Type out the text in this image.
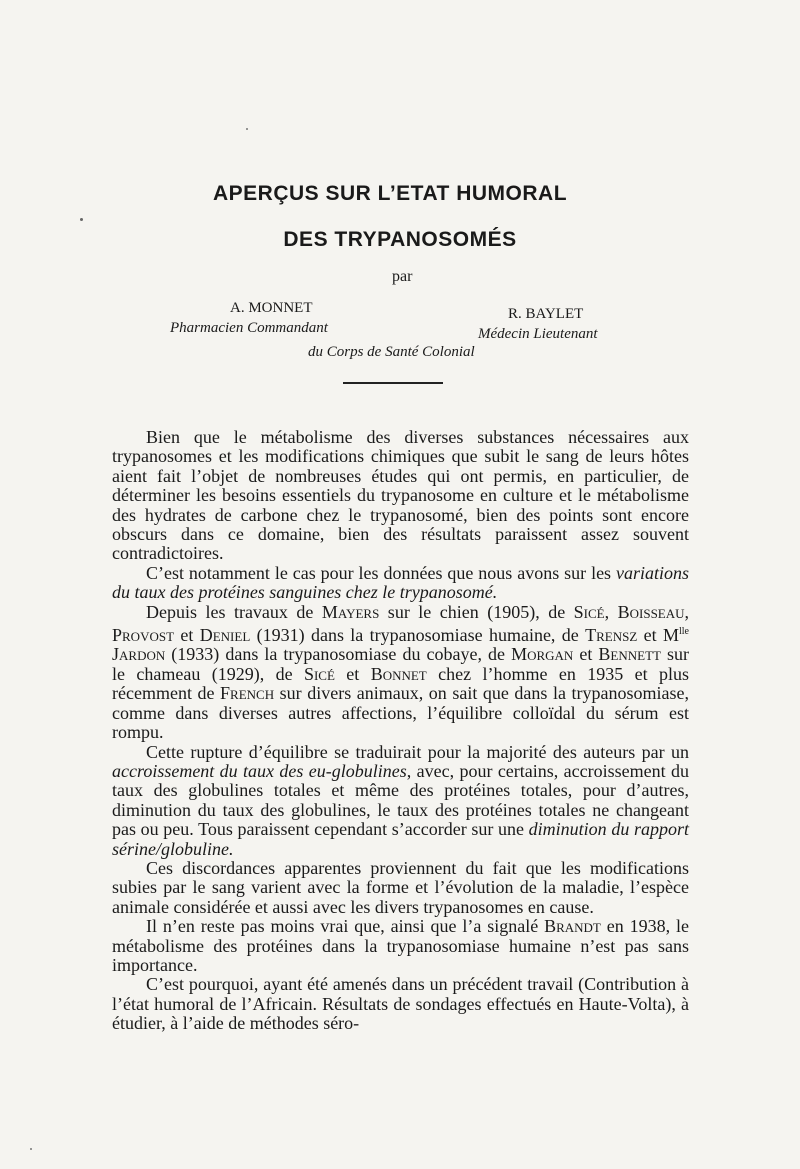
APERÇUS SUR L’ETAT HUMORAL
DES TRYPANOSOMÉS
par
A. MONNET
Pharmacien Commandant
R. BAYLET
Médecin Lieutenant
du Corps de Santé Colonial

Bien que le métabolisme des diverses substances nécessaires aux trypanosomes et les modifications chimiques que subit le sang de leurs hôtes aient fait l’objet de nombreuses études qui ont permis, en particulier, de déterminer les besoins essentiels du trypanosome en culture et le métabolisme des hydrates de carbone chez le trypanosomé, bien des points sont encore obscurs dans ce domaine, bien des résultats paraissent assez souvent contradictoires.

C’est notamment le cas pour les données que nous avons sur les variations du taux des protéines sanguines chez le trypanosomé.

Depuis les travaux de Mayers sur le chien (1905), de Sicé, Boisseau, Provost et Deniel (1931) dans la trypanosomiase humaine, de Trensz et $M^{lle}$ Jardon (1933) dans la trypanosomiase du cobaye, de Morgan et Bennett sur le chameau (1929), de Sicé et Bonnet chez l’homme en 1935 et plus récemment de French sur divers animaux, on sait que dans la trypanosomiase, comme dans diverses autres affections, l’équilibre colloïdal du sérum est rompu.

Cette rupture d’équilibre se traduirait pour la majorité des auteurs par un accroissement du taux des eu-globulines, avec, pour certains, accroissement du taux des globulines totales et même des protéines totales, pour d’autres, diminution du taux des globulines, le taux des protéines totales ne changeant pas ou peu. Tous paraissent cependant s’accorder sur une diminution du rapport sérine/globuline.

Ces discordances apparentes proviennent du fait que les modifications subies par le sang varient avec la forme et l’évolution de la maladie, l’espèce animale considérée et aussi avec les divers trypanosomes en cause.

Il n’en reste pas moins vrai que, ainsi que l’a signalé Brandt en 1938, le métabolisme des protéines dans la trypanosomiase humaine n’est pas sans importance.

C’est pourquoi, ayant été amenés dans un précédent travail (Contribution à l’état humoral de l’Africain. Résultats de sondages effectués en Haute-Volta), à étudier, à l’aide de méthodes séro-
